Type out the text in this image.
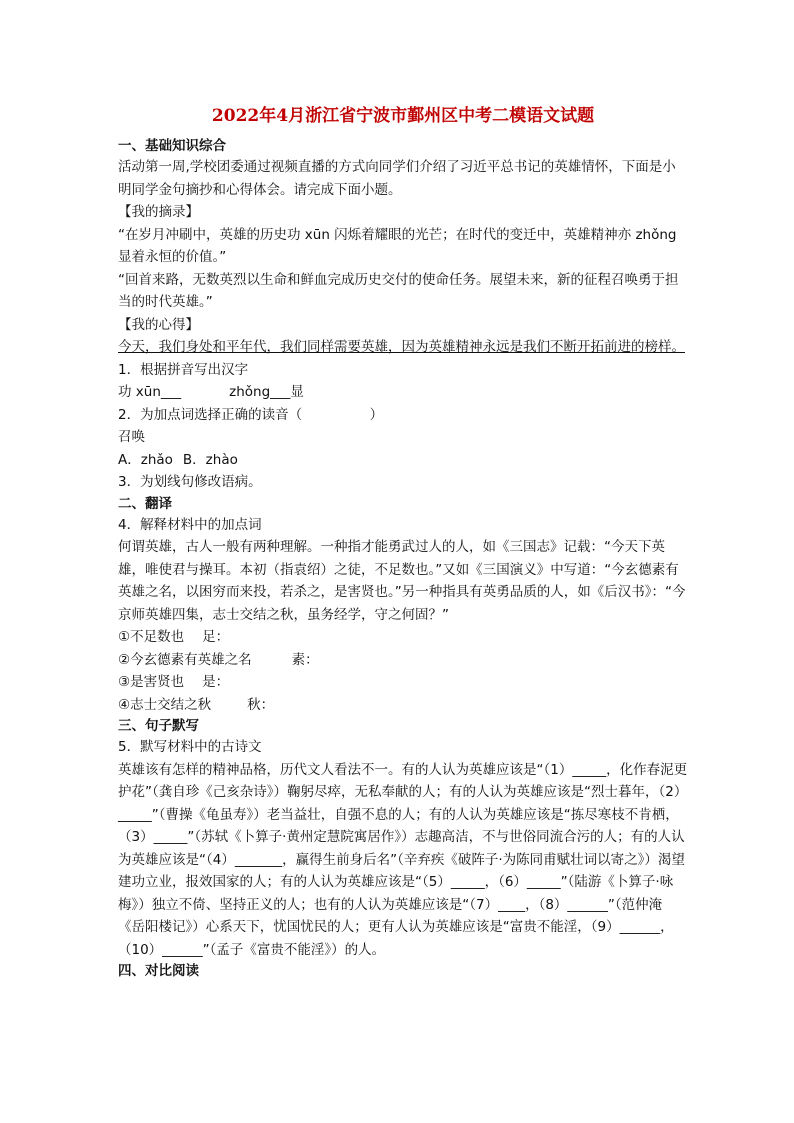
2022年4月浙江省宁波市鄞州区中考二模语文试题
一、基础知识综合
活动第一周,学校团委通过视频直播的方式向同学们介绍了习近平总书记的英雄情怀，下面是小明同学金句摘抄和心得体会。请完成下面小题。
【我的摘录】
“在岁月冲刷中，英雄的历史功 xūn 闪烁着耀眼的光芒；在时代的变迁中，英雄精神亦 zhǒng 显着永恒的价值。”
“回首来路，无数英烈以生命和鲜血完成历史交付的使命任务。展望未来，新的征程召唤勇于担当的时代英雄。”
【我的心得】
今天，我们身处和平年代，我们同样需要英雄，因为英雄精神永远是我们不断开拓前进的榜样。
1．根据拼音写出汉字
功 xūn___	zhǒng___显
2．为加点词选择正确的读音（　　　　　）
召唤
A．zhǎo B．zhào
3．为划线句修改语病。
二、翻译
4．解释材料中的加点词
何谓英雄，古人一般有两种理解。一种指才能勇武过人的人，如《三国志》记载：“今天下英雄，唯使君与操耳。本初（指袁绍）之徒，不足数也。”又如《三国演义》中写道：“今玄德素有英雄之名，以困穷而来投，若杀之，是害贤也。”另一种指具有英勇品质的人，如《后汉书》：“今京师英雄四集，志士交结之秋，虽务经学，守之何固？”
①不足数也 足：
②今玄德素有英雄之名	素：
③是害贤也 是：
④志士交结之秋	秋：
三、句子默写
5．默写材料中的古诗文
英雄该有怎样的精神品格，历代文人看法不一。有的人认为英雄应该是“（1）_____，化作春泥更护花”（龚自珍《己亥杂诗》）鞠躬尽瘁，无私奉献的人；有的人认为英雄应该是“烈士暮年，（2）_____”（曹操《龟虽寿》）老当益壮，自强不息的人；有的人认为英雄应该是“拣尽寒枝不肯栖，（3）_____”（苏轼《卜算子·黄州定慧院寓居作》）志趣高洁，不与世俗同流合污的人；有的人认为英雄应该是“（4）_______，赢得生前身后名”（辛弃疾《破阵子·为陈同甫赋壮词以寄之》）渴望建功立业，报效国家的人；有的人认为英雄应该是“（5）_____，（6）_____”（陆游《卜算子·咏梅》）独立不倚、坚持正义的人；也有的人认为英雄应该是“（7）____，（8）______”（范仲淹《岳阳楼记》）心系天下，忧国忧民的人；更有人认为英雄应该是“富贵不能淫，（9）______，（10）______”（孟子《富贵不能淫》）的人。
四、对比阅读
